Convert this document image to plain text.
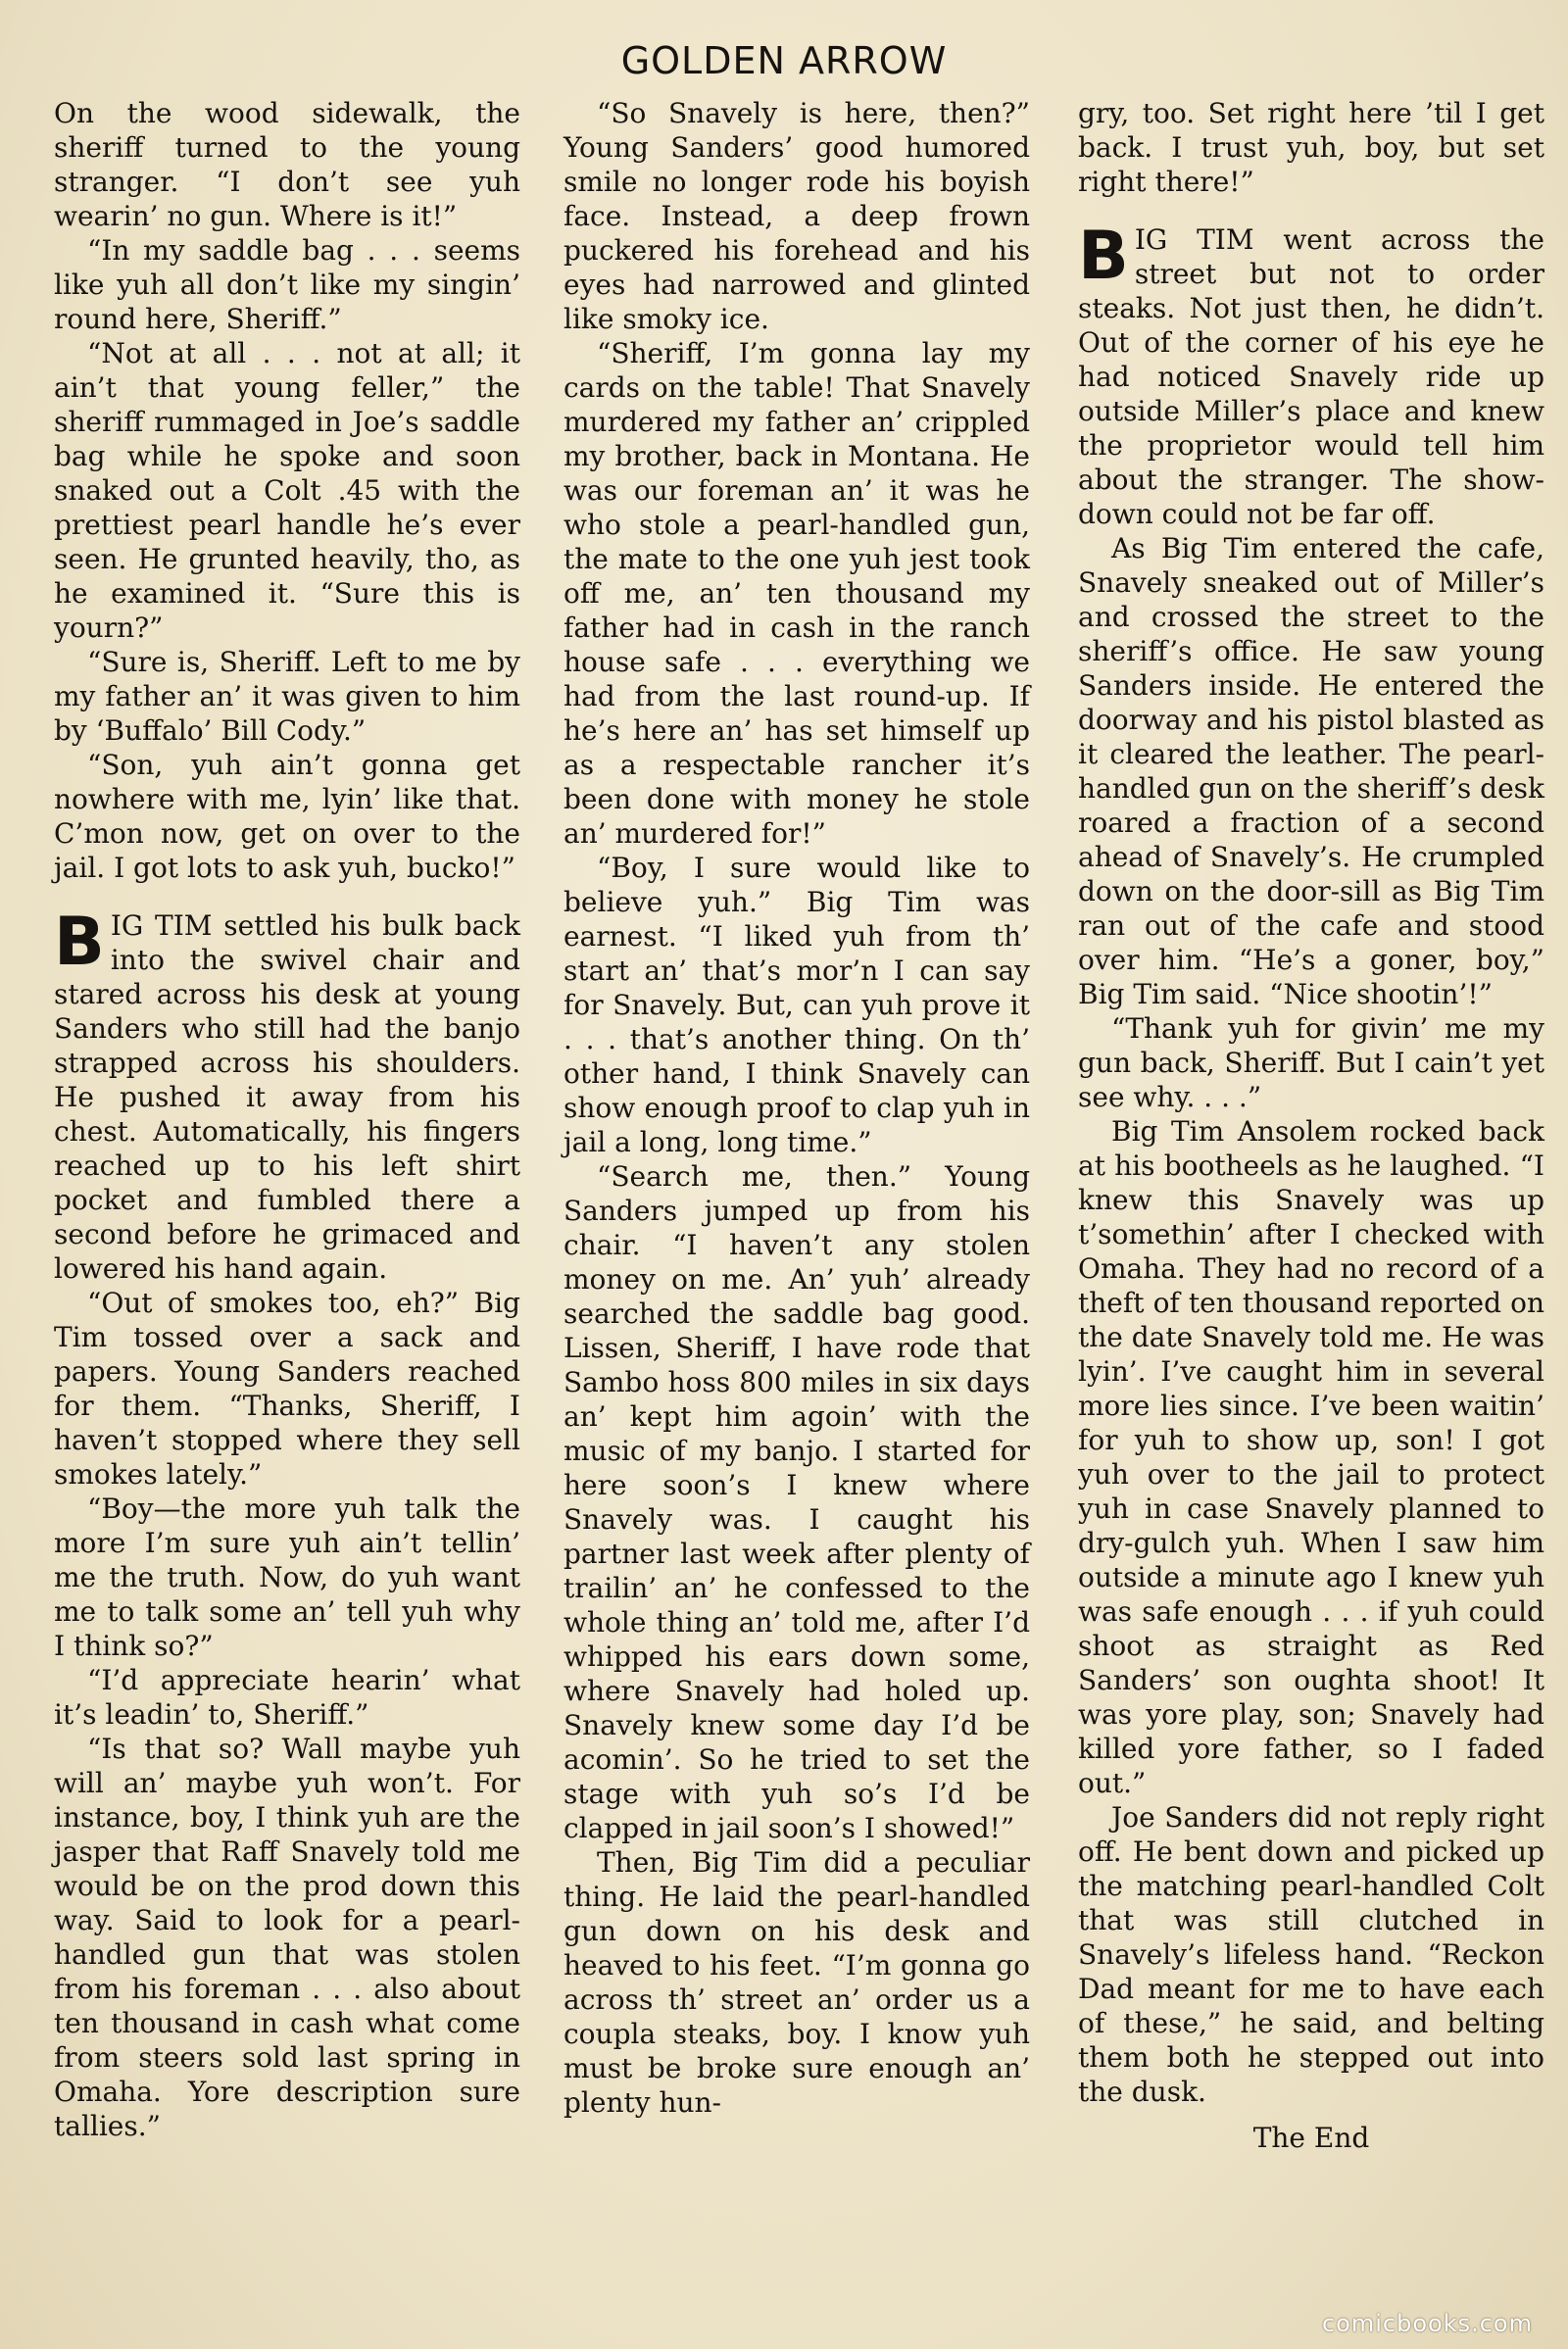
GOLDEN ARROW

On the wood sidewalk, the sheriff turned to the young stranger. “I don’t see yuh wearin’ no gun. Where is it!”

“In my saddle bag . . . seems like yuh all don’t like my singin’ round here, Sheriff.”

“Not at all . . . not at all; it ain’t that young feller,” the sheriff rummaged in Joe’s saddle bag while he spoke and soon snaked out a Colt .45 with the prettiest pearl handle he’s ever seen. He grunted heavily, tho, as he examined it. “Sure this is yourn?”

“Sure is, Sheriff. Left to me by my father an’ it was given to him by ‘Buffalo’ Bill Cody.”

“Son, yuh ain’t gonna get nowhere with me, lyin’ like that. C’mon now, get on over to the jail. I got lots to ask yuh, bucko!”

BIG TIM settled his bulk back into the swivel chair and stared across his desk at young Sanders who still had the banjo strapped across his shoulders. He pushed it away from his chest. Automatically, his fingers reached up to his left shirt pocket and fumbled there a second before he grimaced and lowered his hand again.

“Out of smokes too, eh?” Big Tim tossed over a sack and papers. Young Sanders reached for them. “Thanks, Sheriff, I haven’t stopped where they sell smokes lately.”

“Boy—the more yuh talk the more I’m sure yuh ain’t tellin’ me the truth. Now, do yuh want me to talk some an’ tell yuh why I think so?”

“I’d appreciate hearin’ what it’s leadin’ to, Sheriff.”

“Is that so? Wall maybe yuh will an’ maybe yuh won’t. For instance, boy, I think yuh are the jasper that Raff Snavely told me would be on the prod down this way. Said to look for a pearl-handled gun that was stolen from his foreman . . . also about ten thousand in cash what come from steers sold last spring in Omaha. Yore description sure tallies.”

“So Snavely is here, then?” Young Sanders’ good humored smile no longer rode his boyish face. Instead, a deep frown puckered his forehead and his eyes had narrowed and glinted like smoky ice.

“Sheriff, I’m gonna lay my cards on the table! That Snavely murdered my father an’ crippled my brother, back in Montana. He was our foreman an’ it was he who stole a pearl-handled gun, the mate to the one yuh jest took off me, an’ ten thousand my father had in cash in the ranch house safe . . . everything we had from the last round-up. If he’s here an’ has set himself up as a respectable rancher it’s been done with money he stole an’ murdered for!”

“Boy, I sure would like to believe yuh.” Big Tim was earnest. “I liked yuh from th’ start an’ that’s mor’n I can say for Snavely. But, can yuh prove it . . . that’s another thing. On th’ other hand, I think Snavely can show enough proof to clap yuh in jail a long, long time.”

“Search me, then.” Young Sanders jumped up from his chair. “I haven’t any stolen money on me. An’ yuh’ already searched the saddle bag good. Lissen, Sheriff, I have rode that Sambo hoss 800 miles in six days an’ kept him agoin’ with the music of my banjo. I started for here soon’s I knew where Snavely was. I caught his partner last week after plenty of trailin’ an’ he confessed to the whole thing an’ told me, after I’d whipped his ears down some, where Snavely had holed up. Snavely knew some day I’d be acomin’. So he tried to set the stage with yuh so’s I’d be clapped in jail soon’s I showed!”

Then, Big Tim did a peculiar thing. He laid the pearl-handled gun down on his desk and heaved to his feet. “I’m gonna go across th’ street an’ order us a coupla steaks, boy. I know yuh must be broke sure enough an’ plenty hun-

gry, too. Set right here ’til I get back. I trust yuh, boy, but set right there!”

BIG TIM went across the street but not to order steaks. Not just then, he didn’t. Out of the corner of his eye he had noticed Snavely ride up outside Miller’s place and knew the proprietor would tell him about the stranger. The show-down could not be far off.

As Big Tim entered the cafe, Snavely sneaked out of Miller’s and crossed the street to the sheriff’s office. He saw young Sanders inside. He entered the doorway and his pistol blasted as it cleared the leather. The pearl-handled gun on the sheriff’s desk roared a fraction of a second ahead of Snavely’s. He crumpled down on the door-sill as Big Tim ran out of the cafe and stood over him. “He’s a goner, boy,” Big Tim said. “Nice shootin’!”

“Thank yuh for givin’ me my gun back, Sheriff. But I cain’t yet see why. . . .”

Big Tim Ansolem rocked back at his bootheels as he laughed. “I knew this Snavely was up t’somethin’ after I checked with Omaha. They had no record of a theft of ten thousand reported on the date Snavely told me. He was lyin’. I’ve caught him in several more lies since. I’ve been waitin’ for yuh to show up, son! I got yuh over to the jail to protect yuh in case Snavely planned to dry-gulch yuh. When I saw him outside a minute ago I knew yuh was safe enough . . . if yuh could shoot as straight as Red Sanders’ son oughta shoot! It was yore play, son; Snavely had killed yore father, so I faded out.”

Joe Sanders did not reply right off. He bent down and picked up the matching pearl-handled Colt that was still clutched in Snavely’s lifeless hand. “Reckon Dad meant for me to have each of these,” he said, and belting them both he stepped out into the dusk.

The End

comicbooks.com
